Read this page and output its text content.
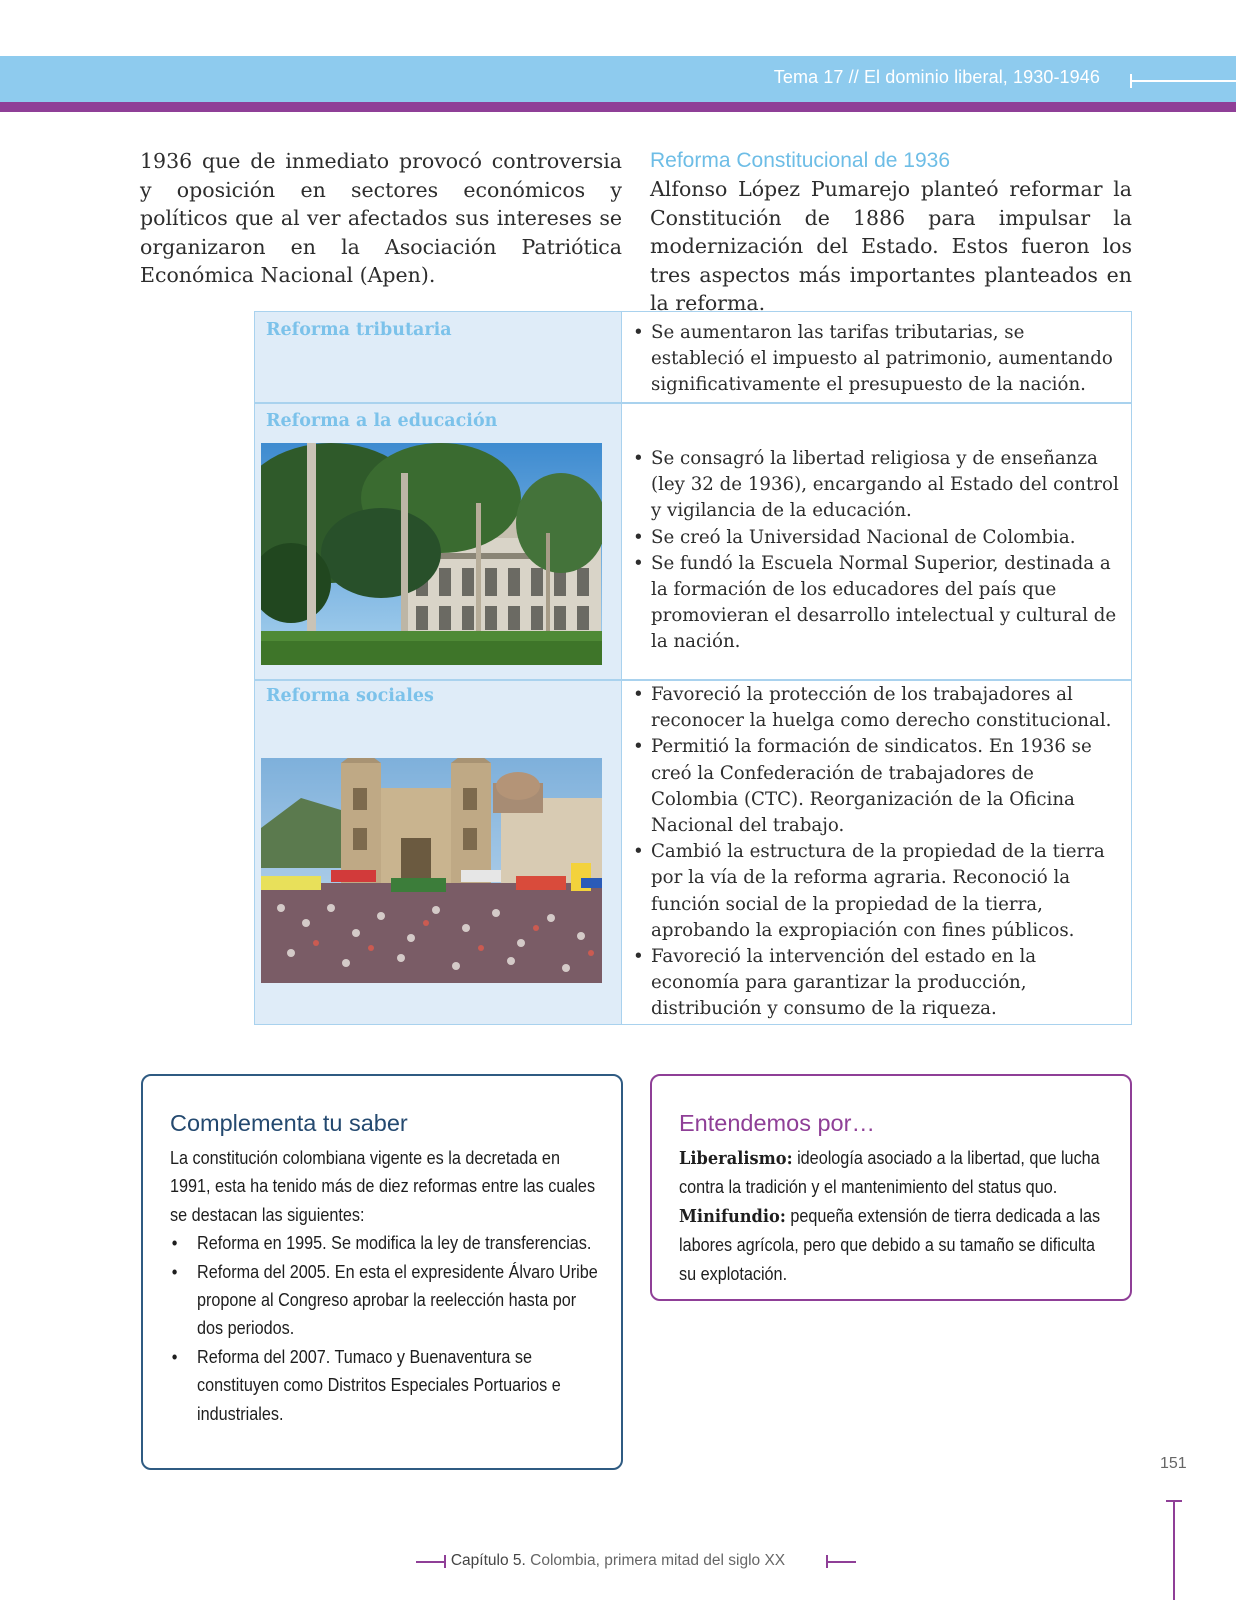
Tema 17 // El dominio liberal, 1930-1946

1936 que de inmediato provocó controversia y oposición en sectores económicos y políticos que al ver afectados sus intereses se organizaron en la Asociación Patriótica Económica Nacional (Apen).

Reforma Constitucional de 1936

Alfonso López Pumarejo planteó reformar la Constitución de 1886 para impulsar la modernización del Estado. Estos fueron los tres aspectos más importantes planteados en la reforma.

Reforma tributaria	• Se aumentaron las tarifas tributarias, se estableció el impuesto al patrimonio, aumentando significativamente el presupuesto de la nación.
Reforma a la educación
• Se consagró la libertad religiosa y de enseñanza (ley 32 de 1936), encargando al Estado del control y vigilancia de la educación.
• Se creó la Universidad Nacional de Colombia.
• Se fundó la Escuela Normal Superior, destinada a la formación de los educadores del país que promovieran el desarrollo intelectual y cultural de la nación.
Reforma sociales	• Favoreció la protección de los trabajadores al reconocer la huelga como derecho constitucional.
• Permitió la formación de sindicatos. En 1936 se creó la Confederación de trabajadores de Colombia (CTC). Reorganización de la Oficina Nacional del trabajo.
• Cambió la estructura de la propiedad de la tierra por la vía de la reforma agraria. Reconoció la función social de la propiedad de la tierra, aprobando la expropiación con fines públicos.
• Favoreció la intervención del estado en la economía para garantizar la producción, distribución y consumo de la riqueza.
Complementa tu saber

La constitución colombiana vigente es la decretada en 1991, esta ha tenido más de diez reformas entre las cuales se destacan las siguientes:

• Reforma en 1995. Se modifica la ley de transferencias.
• Reforma del 2005. En esta el expresidente Álvaro Uribe propone al Congreso aprobar la reelección hasta por dos periodos.
• Reforma del 2007. Tumaco y Buenaventura se constituyen como Distritos Especiales Portuarios e industriales.
Entendemos por…

Liberalismo: ideología asociado a la libertad, que lucha contra la tradición y el mantenimiento del status quo.

Minifundio: pequeña extensión de tierra dedicada a las labores agrícola, pero que debido a su tamaño se dificulta su explotación.

151
Capítulo 5. Colombia, primera mitad del siglo XX
